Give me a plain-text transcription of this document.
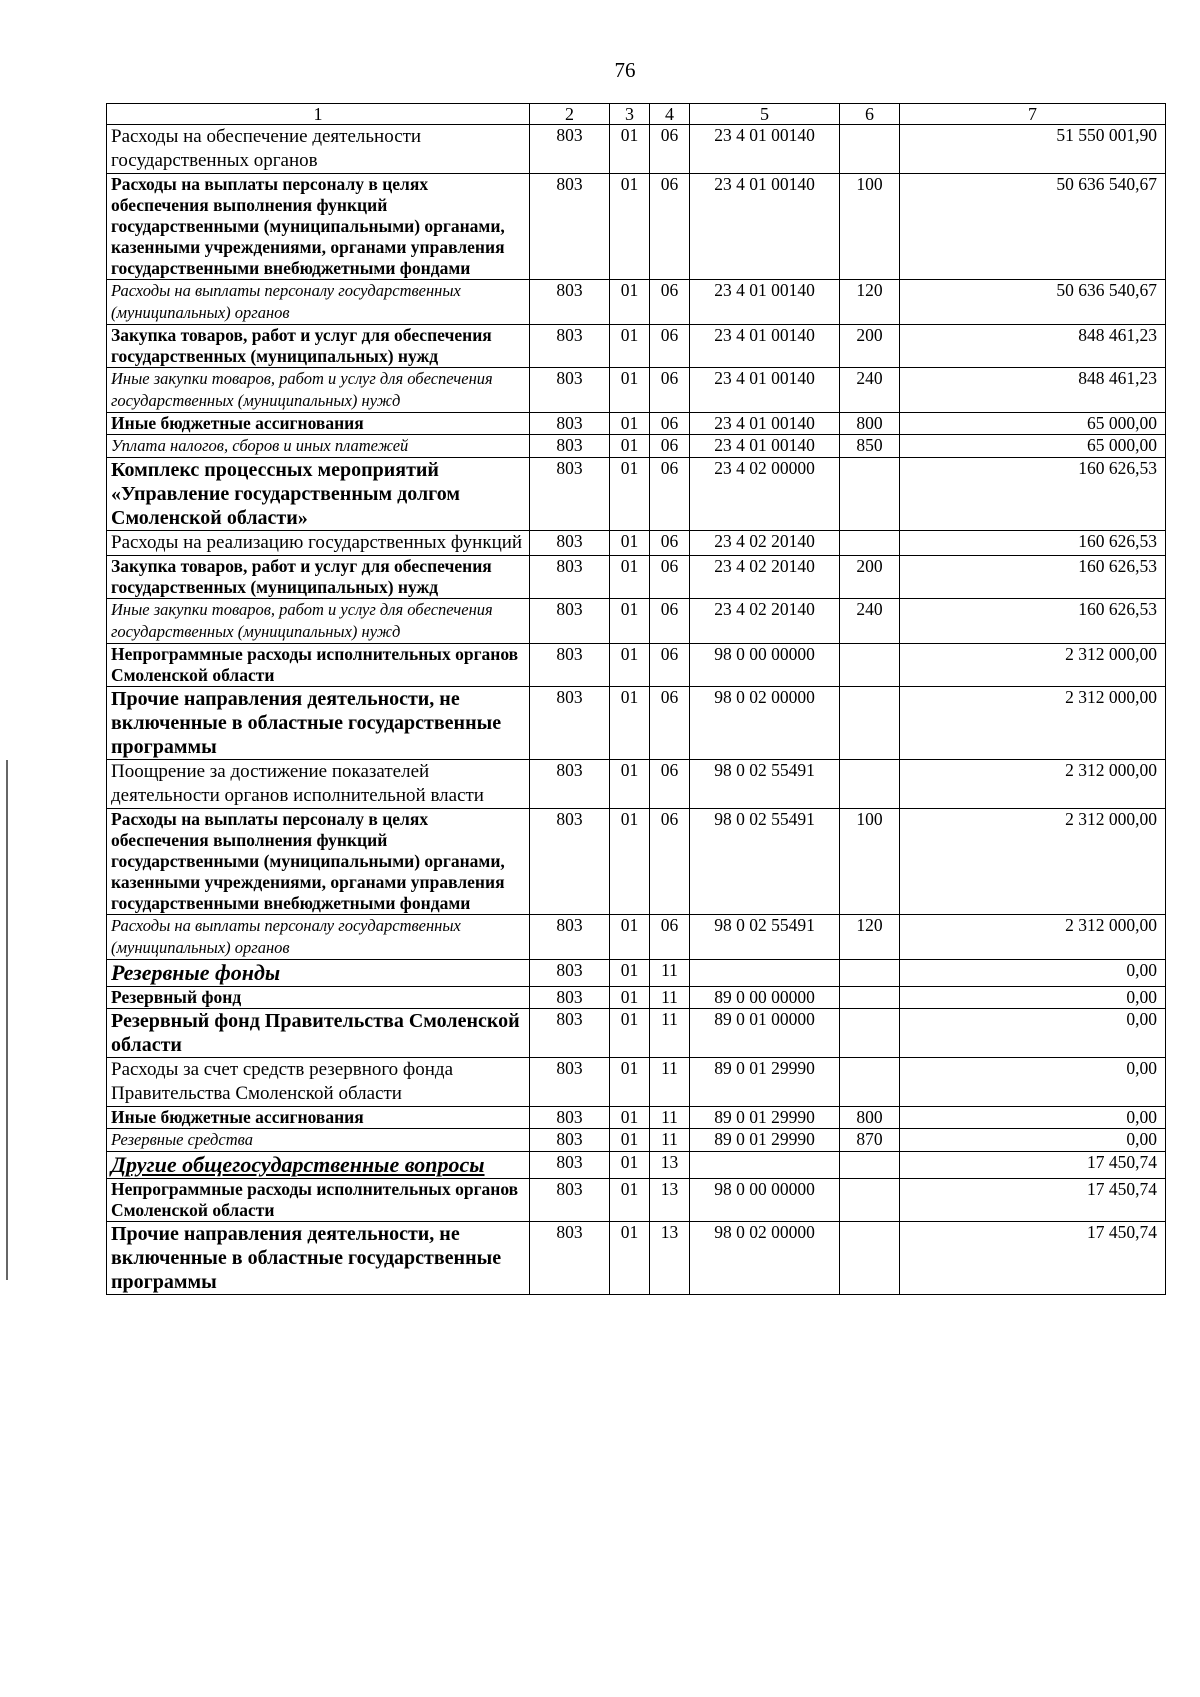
76
1	2	3	4	5	6	7
Расходы на обеспечение деятельности государственных органов	803	01	06	23 4 01 00140		51 550 001,90
Расходы на выплаты персоналу в целях обеспечения выполнения функций государственными (муниципальными) органами, казенными учреждениями, органами управления государственными внебюджетными фондами	803	01	06	23 4 01 00140	100	50 636 540,67
Расходы на выплаты персоналу государственных (муниципальных) органов	803	01	06	23 4 01 00140	120	50 636 540,67
Закупка товаров, работ и услуг для обеспечения государственных (муниципальных) нужд	803	01	06	23 4 01 00140	200	848 461,23
Иные закупки товаров, работ и услуг для обеспечения государственных (муниципальных) нужд	803	01	06	23 4 01 00140	240	848 461,23
Иные бюджетные ассигнования	803	01	06	23 4 01 00140	800	65 000,00
Уплата налогов, сборов и иных платежей	803	01	06	23 4 01 00140	850	65 000,00
Комплекс процессных мероприятий «Управление государственным долгом Смоленской области»	803	01	06	23 4 02 00000		160 626,53
Расходы на реализацию государственных функций	803	01	06	23 4 02 20140		160 626,53
Закупка товаров, работ и услуг для обеспечения государственных (муниципальных) нужд	803	01	06	23 4 02 20140	200	160 626,53
Иные закупки товаров, работ и услуг для обеспечения государственных (муниципальных) нужд	803	01	06	23 4 02 20140	240	160 626,53
Непрограммные расходы исполнительных органов Смоленской области	803	01	06	98 0 00 00000		2 312 000,00
Прочие направления деятельности, не включенные в областные государственные программы	803	01	06	98 0 02 00000		2 312 000,00
Поощрение за достижение показателей деятельности органов исполнительной власти	803	01	06	98 0 02 55491		2 312 000,00
Расходы на выплаты персоналу в целях обеспечения выполнения функций государственными (муниципальными) органами, казенными учреждениями, органами управления государственными внебюджетными фондами	803	01	06	98 0 02 55491	100	2 312 000,00
Расходы на выплаты персоналу государственных (муниципальных) органов	803	01	06	98 0 02 55491	120	2 312 000,00
Резервные фонды	803	01	11			0,00
Резервный фонд	803	01	11	89 0 00 00000		0,00
Резервный фонд Правительства Смоленской области	803	01	11	89 0 01 00000		0,00
Расходы за счет средств резервного фонда Правительства Смоленской области	803	01	11	89 0 01 29990		0,00
Иные бюджетные ассигнования	803	01	11	89 0 01 29990	800	0,00
Резервные средства	803	01	11	89 0 01 29990	870	0,00
Другие общегосударственные вопросы	803	01	13			17 450,74
Непрограммные расходы исполнительных органов Смоленской области	803	01	13	98 0 00 00000		17 450,74
Прочие направления деятельности, не включенные в областные государственные программы	803	01	13	98 0 02 00000		17 450,74
